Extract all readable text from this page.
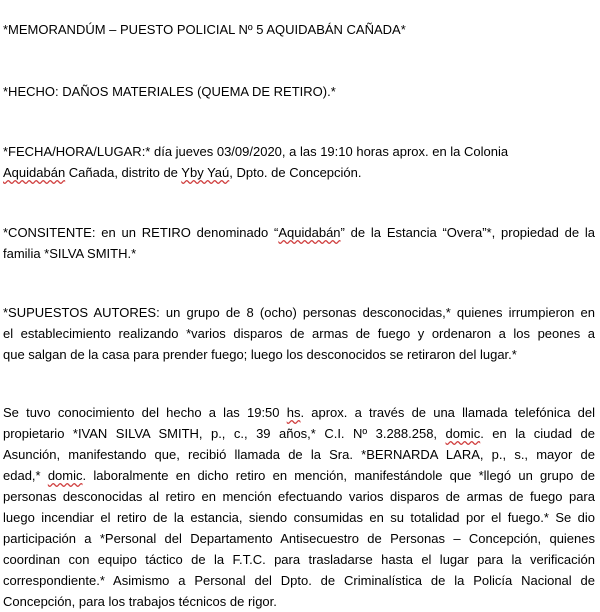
*MEMORANDÚM – PUESTO POLICIAL Nº 5 AQUIDABÁN CAÑADA*

*HECHO: DAÑOS MATERIALES (QUEMA DE RETIRO).*

*FECHA/HORA/LUGAR:* día jueves 03/09/2020, a las 19:10 horas aprox. en la Colonia
Aquidabán Cañada, distrito de Yby Yaú, Dpto. de Concepción.

*CONSITENTE: en un RETIRO denominado “Aquidabán” de la Estancia “Overa”*, propiedad de la
familia *SILVA SMITH.*

*SUPUESTOS AUTORES: un grupo de 8 (ocho) personas desconocidas,* quienes irrumpieron en
el establecimiento realizando *varios disparos de armas de fuego y ordenaron a los peones a
que salgan de la casa para prender fuego; luego los desconocidos se retiraron del lugar.*

Se tuvo conocimiento del hecho a las 19:50 hs. aprox. a través de una llamada telefónica del
propietario *IVAN SILVA SMITH, p., c., 39 años,* C.I. Nº 3.288.258, domic. en la ciudad de
Asunción, manifestando que, recibió llamada de la Sra. *BERNARDA LARA, p., s., mayor de
edad,* domic. laboralmente en dicho retiro en mención, manifestándole que *llegó un grupo de
personas desconocidas al retiro en mención efectuando varios disparos de armas de fuego para
luego incendiar el retiro de la estancia, siendo consumidas en su totalidad por el fuego.* Se dio
participación a *Personal del Departamento Antisecuestro de Personas – Concepción, quienes
coordinan con equipo táctico de la F.T.C. para trasladarse hasta el lugar para la verificación
correspondiente.* Asimismo a Personal del Dpto. de Criminalística de la Policía Nacional de
Concepción, para los trabajos técnicos de rigor.
